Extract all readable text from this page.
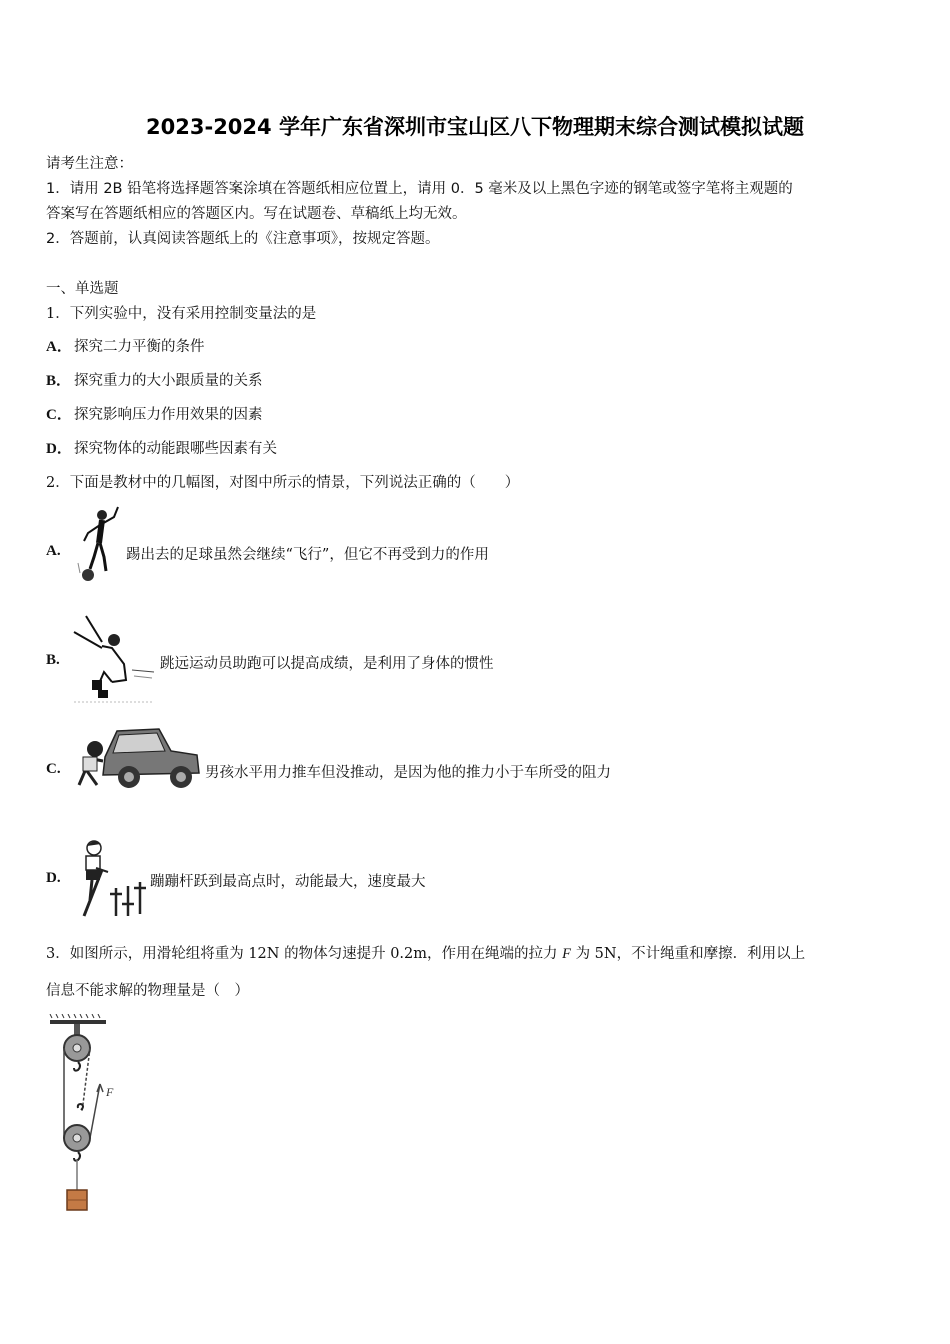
2023-2024 学年广东省深圳市宝山区八下物理期末综合测试模拟试题
请考生注意：
1．请用 2B 铅笔将选择题答案涂填在答题纸相应位置上，请用 0．5 毫米及以上黑色字迹的钢笔或签字笔将主观题的
答案写在答题纸相应的答题区内。写在试题卷、草稿纸上均无效。
2．答题前，认真阅读答题纸上的《注意事项》，按规定答题。
一、单选题
1．下列实验中，没有采用控制变量法的是
A． 探究二力平衡的条件
B． 探究重力的大小跟质量的关系
C． 探究影响压力作用效果的因素
D． 探究物体的动能跟哪些因素有关
2．下面是教材中的几幅图，对图中所示的情景，下列说法正确的（　　）
A.	踢出去的足球虽然会继续“飞行”，但它不再受到力的作用
B.	跳远运动员助跑可以提高成绩，是利用了身体的惯性
C.	男孩水平用力推车但没推动，是因为他的推力小于车所受的阻力
D.	蹦蹦杆跃到最高点时，动能最大，速度最大
3．如图所示，用滑轮组将重为 12N 的物体匀速提升 0.2m，作用在绳端的拉力 F 为 5N，不计绳重和摩擦．利用以上
信息不能求解的物理量是（　）
F
